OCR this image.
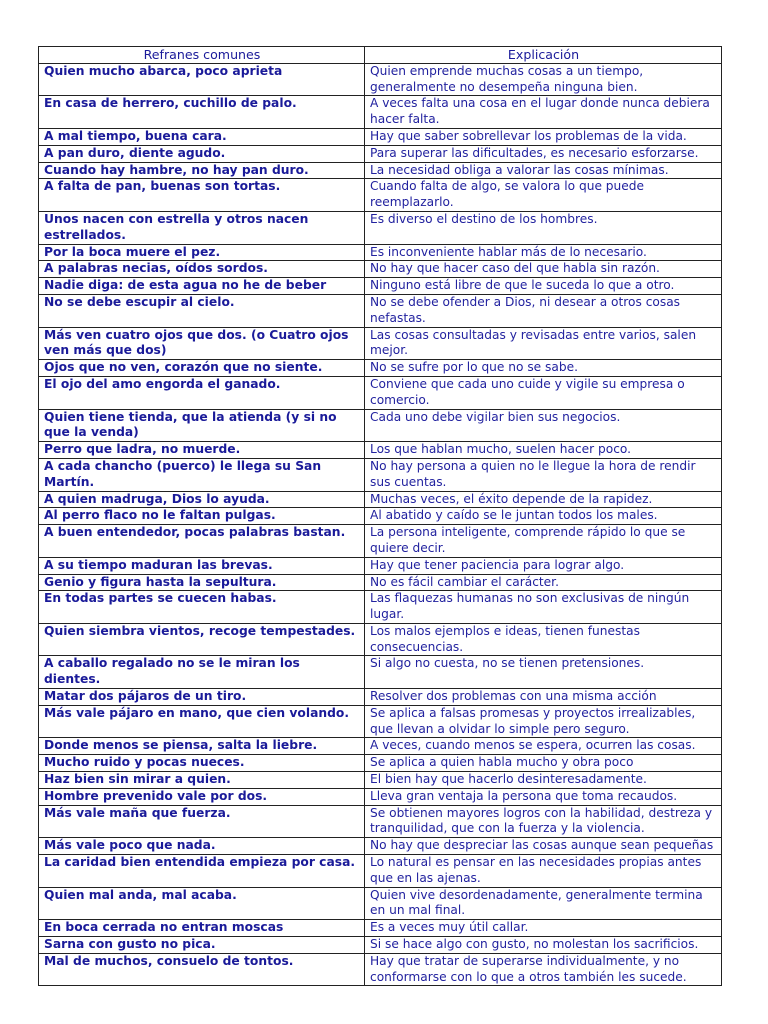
Refranes comunes	Explicación
Quien mucho abarca, poco aprieta	Quien emprende muchas cosas a un tiempo, generalmente no desempeña ninguna bien.
En casa de herrero, cuchillo de palo.	A veces falta una cosa en el lugar donde nunca debiera hacer falta.
A mal tiempo, buena cara.	Hay que saber sobrellevar los problemas de la vida.
A pan duro, diente agudo.	Para superar las dificultades, es necesario esforzarse.
Cuando hay hambre, no hay pan duro.	La necesidad obliga a valorar las cosas mínimas.
A falta de pan, buenas son tortas.	Cuando falta de algo, se valora lo que puede reemplazarlo.
Unos nacen con estrella y otros nacen estrellados.	Es diverso el destino de los hombres.
Por la boca muere el pez.	Es inconveniente hablar más de lo necesario.
A palabras necias, oídos sordos.	No hay que hacer caso del que habla sin razón.
Nadie diga: de esta agua no he de beber	Ninguno está libre de que le suceda lo que a otro.
No se debe escupir al cielo.	No se debe ofender a Dios, ni desear a otros cosas nefastas.
Más ven cuatro ojos que dos. (o Cuatro ojos ven más que dos)	Las cosas consultadas y revisadas entre varios, salen mejor.
Ojos que no ven, corazón que no siente.	No se sufre por lo que no se sabe.
El ojo del amo engorda el ganado.	Conviene que cada uno cuide y vigile su empresa o comercio.
Quien tiene tienda, que la atienda (y si no que la venda)	Cada uno debe vigilar bien sus negocios.
Perro que ladra, no muerde.	Los que hablan mucho, suelen hacer poco.
A cada chancho (puerco) le llega su San Martín.	No hay persona a quien no le llegue la hora de rendir sus cuentas.
A quien madruga, Dios lo ayuda.	Muchas veces, el éxito depende de la rapidez.
Al perro flaco no le faltan pulgas.	Al abatido y caído se le juntan todos los males.
A buen entendedor, pocas palabras bastan.	La persona inteligente, comprende rápido lo que se quiere decir.
A su tiempo maduran las brevas.	Hay que tener paciencia para lograr algo.
Genio y figura hasta la sepultura.	No es fácil cambiar el carácter.
En todas partes se cuecen habas.	Las flaquezas humanas no son exclusivas de ningún lugar.
Quien siembra vientos, recoge tempestades.	Los malos ejemplos e ideas, tienen funestas consecuencias.
A caballo regalado no se le miran los dientes.	Si algo no cuesta, no se tienen pretensiones.
Matar dos pájaros de un tiro.	Resolver dos problemas con una misma acción
Más vale pájaro en mano, que cien volando.	Se aplica a falsas promesas y proyectos irrealizables, que llevan a olvidar lo simple pero seguro.
Donde menos se piensa, salta la liebre.	A veces, cuando menos se espera, ocurren las cosas.
Mucho ruido y pocas nueces.	Se aplica a quien habla mucho y obra poco
Haz bien sin mirar a quien.	El bien hay que hacerlo desinteresadamente.
Hombre prevenido vale por dos.	Lleva gran ventaja la persona que toma recaudos.
Más vale maña que fuerza.	Se obtienen mayores logros con la habilidad, destreza y tranquilidad, que con la fuerza y la violencia.
Más vale poco que nada.	No hay que despreciar las cosas aunque sean pequeñas
La caridad bien entendida empieza por casa.	Lo natural es pensar en las necesidades propias antes que en las ajenas.
Quien mal anda, mal acaba.	Quien vive desordenadamente, generalmente termina en un mal final.
En boca cerrada no entran moscas	Es a veces muy útil callar.
Sarna con gusto no pica.	Si se hace algo con gusto, no molestan los sacrificios.
Mal de muchos, consuelo de tontos.	Hay que tratar de superarse individualmente, y no conformarse con lo que a otros también les sucede.
